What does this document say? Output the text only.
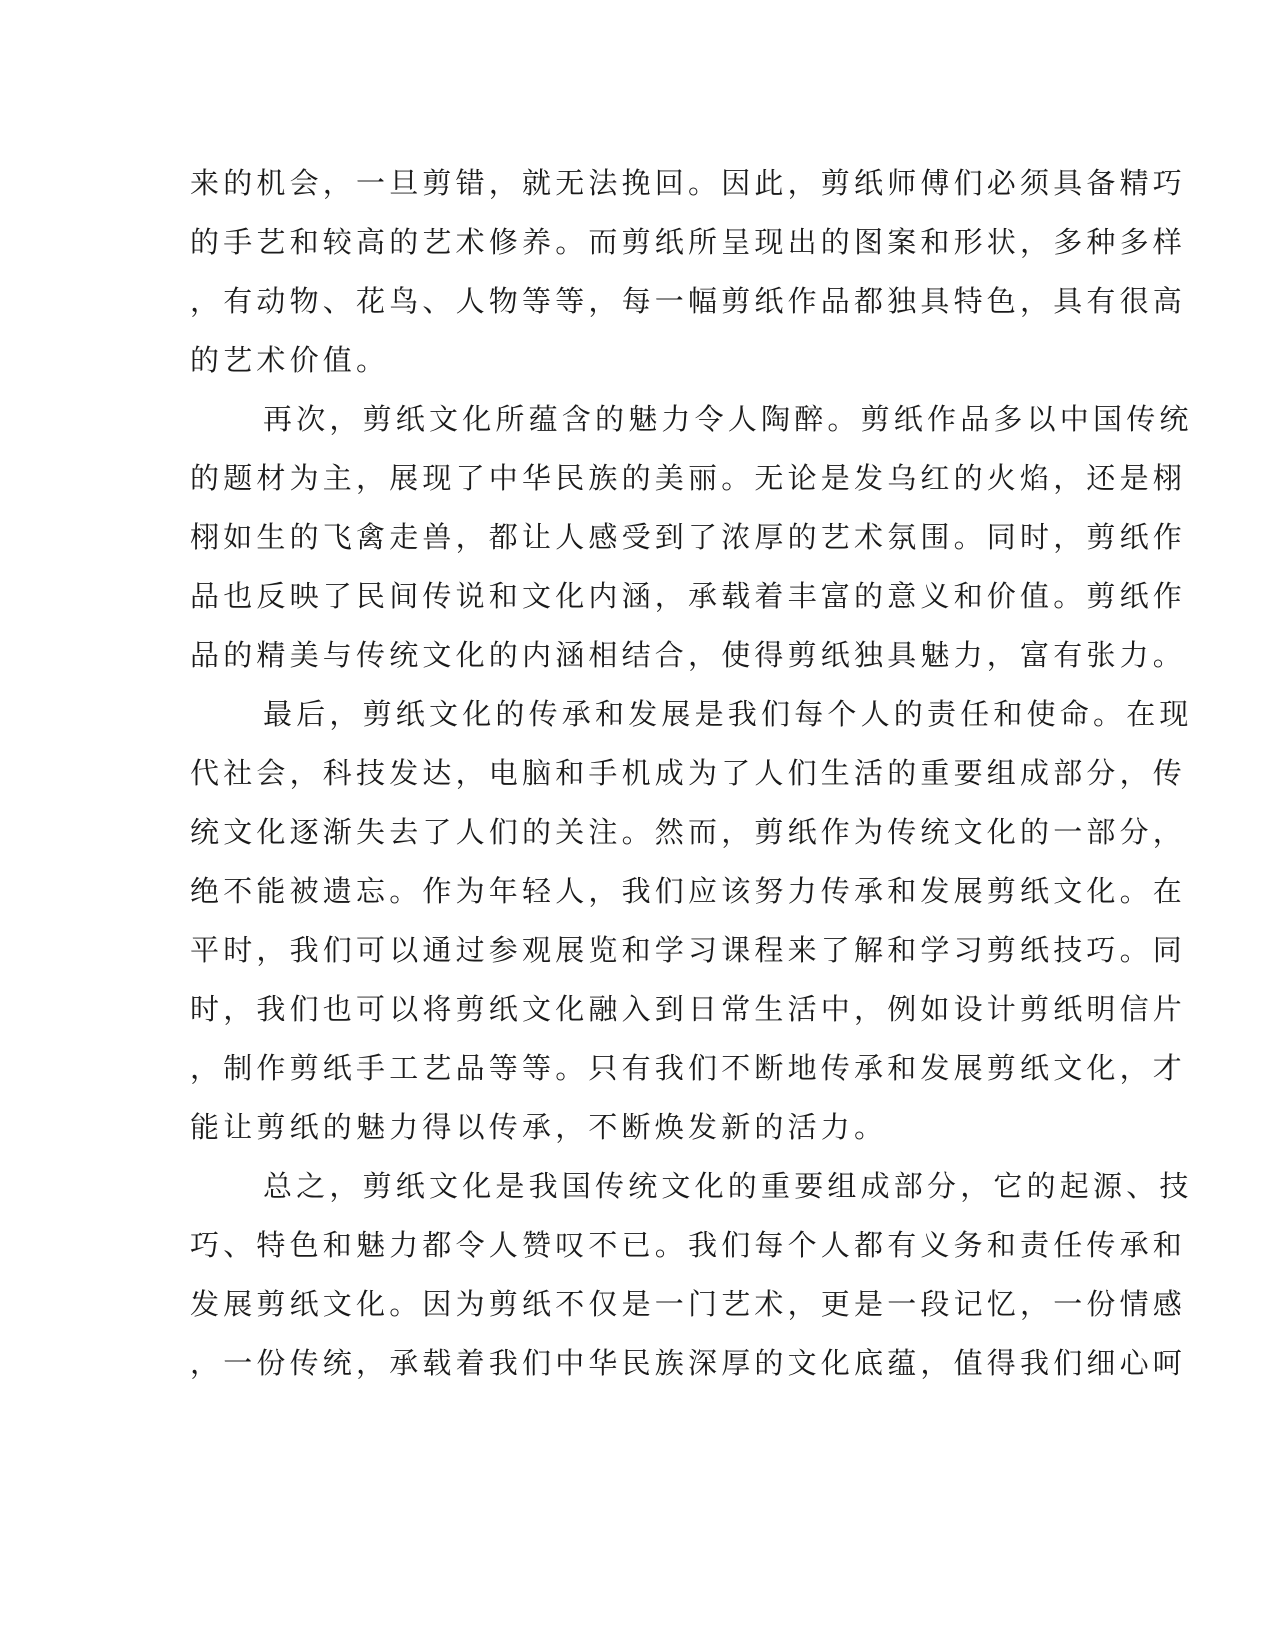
来的机会，一旦剪错，就无法挽回。因此，剪纸师傅们必须具备精巧
的手艺和较高的艺术修养。而剪纸所呈现出的图案和形状，多种多样
，有动物、花鸟、人物等等，每一幅剪纸作品都独具特色，具有很高
的艺术价值。
再次，剪纸文化所蕴含的魅力令人陶醉。剪纸作品多以中国传统
的题材为主，展现了中华民族的美丽。无论是发乌红的火焰，还是栩
栩如生的飞禽走兽，都让人感受到了浓厚的艺术氛围。同时，剪纸作
品也反映了民间传说和文化内涵，承载着丰富的意义和价值。剪纸作
品的精美与传统文化的内涵相结合，使得剪纸独具魅力，富有张力。
最后，剪纸文化的传承和发展是我们每个人的责任和使命。在现
代社会，科技发达，电脑和手机成为了人们生活的重要组成部分，传
统文化逐渐失去了人们的关注。然而，剪纸作为传统文化的一部分，
绝不能被遗忘。作为年轻人，我们应该努力传承和发展剪纸文化。在
平时，我们可以通过参观展览和学习课程来了解和学习剪纸技巧。同
时，我们也可以将剪纸文化融入到日常生活中，例如设计剪纸明信片
，制作剪纸手工艺品等等。只有我们不断地传承和发展剪纸文化，才
能让剪纸的魅力得以传承，不断焕发新的活力。
总之，剪纸文化是我国传统文化的重要组成部分，它的起源、技
巧、特色和魅力都令人赞叹不已。我们每个人都有义务和责任传承和
发展剪纸文化。因为剪纸不仅是一门艺术，更是一段记忆，一份情感
，一份传统，承载着我们中华民族深厚的文化底蕴，值得我们细心呵
